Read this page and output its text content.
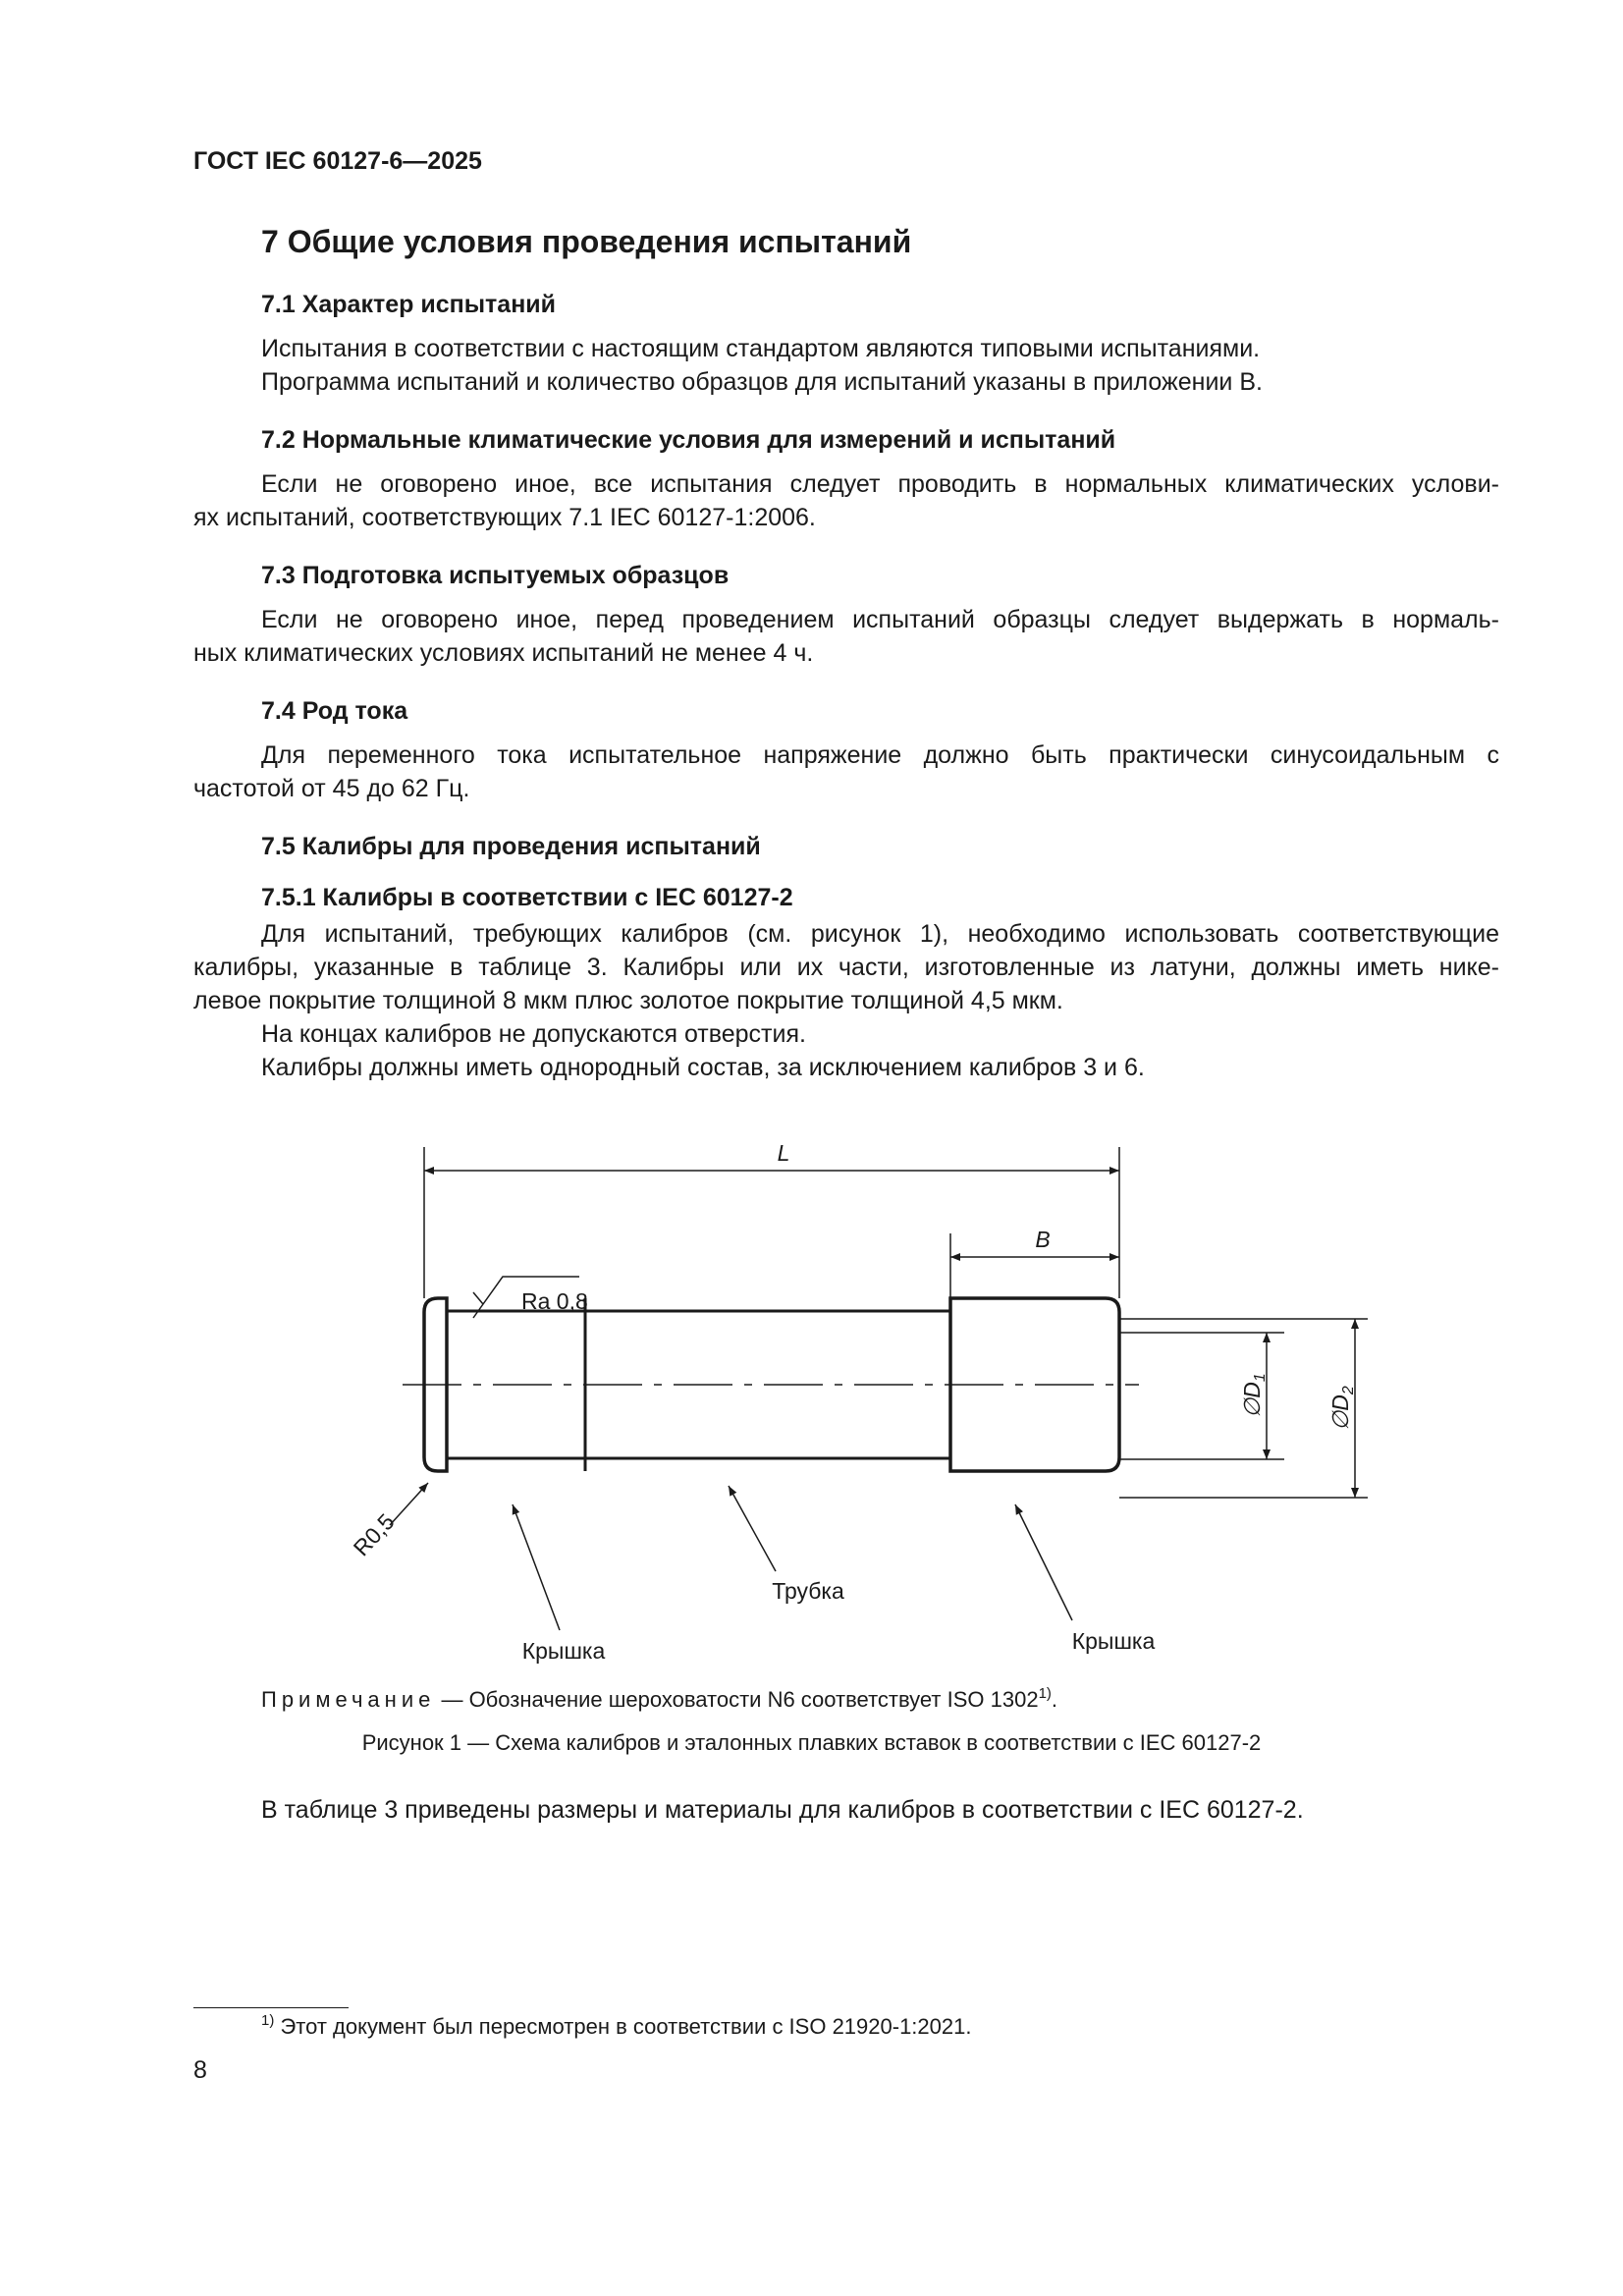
ГОСТ IEC 60127-6—2025
7 Общие условия проведения испытаний
7.1 Характер испытаний
Испытания в соответствии с настоящим стандартом являются типовыми испытаниями.
Программа испытаний и количество образцов для испытаний указаны в приложении В.
7.2 Нормальные климатические условия для измерений и испытаний
Если не оговорено иное, все испытания следует проводить в нормальных климатических услови-
ях испытаний, соответствующих 7.1 IEC 60127-1:2006.
7.3 Подготовка испытуемых образцов
Если не оговорено иное, перед проведением испытаний образцы следует выдержать в нормаль-
ных климатических условиях испытаний не менее 4 ч.
7.4 Род тока
Для переменного тока испытательное напряжение должно быть практически синусоидальным с
частотой от 45 до 62 Гц.
7.5 Калибры для проведения испытаний
7.5.1 Калибры в соответствии с IEC 60127-2
Для испытаний, требующих калибров (см. рисунок 1), необходимо использовать соответствующие
калибры, указанные в таблице 3. Калибры или их части, изготовленные из латуни, должны иметь нике-
левое покрытие толщиной 8 мкм плюс золотое покрытие толщиной 4,5 мкм.
На концах калибров не допускаются отверстия.
Калибры должны иметь однородный состав, за исключением калибров 3 и 6.
L
B
Ra 0,8
R0,5
$\emptyset D_1$
$\emptyset D_2$
Трубка
Крышка	Крышка
Примечание — Обозначение шероховатости N6 соответствует ISO 1302$^{1)}$.
Рисунок 1 — Схема калибров и эталонных плавких вставок в соответствии с IEC 60127-2
В таблице 3 приведены размеры и материалы для калибров в соответствии с IEC 60127-2.
$^{1)}$ Этот документ был пересмотрен в соответствии с ISO 21920-1:2021.
8
